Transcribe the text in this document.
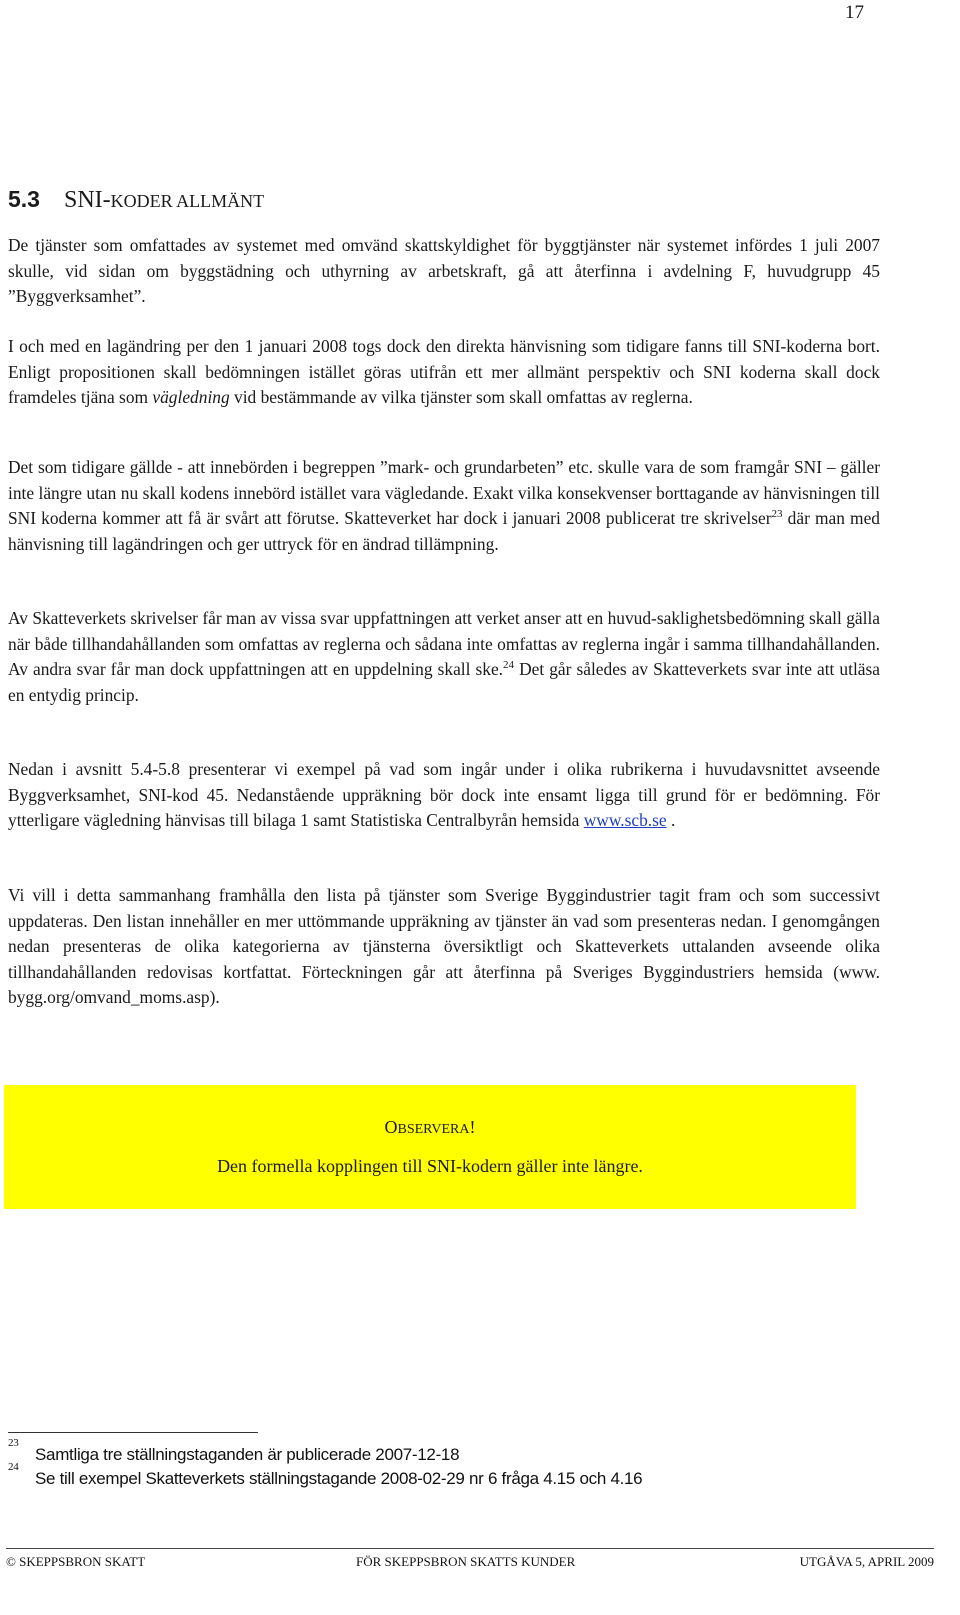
17
5.3 SNI-KODER ALLMÄNT

De tjänster som omfattades av systemet med omvänd skattskyldighet för byggtjänster när systemet infördes 1 juli 2007 skulle, vid sidan om byggstädning och uthyrning av arbetskraft, gå att återfinna i avdelning F, huvudgrupp 45 ”Byggverksamhet”.

I och med en lagändring per den 1 januari 2008 togs dock den direkta hänvisning som tidigare fanns till SNI-koderna bort. Enligt propositionen skall bedömningen istället göras utifrån ett mer allmänt perspektiv och SNI koderna skall dock framdeles tjäna som vägledning vid bestämmande av vilka tjänster som skall omfattas av reglerna.

Det som tidigare gällde - att innebörden i begreppen ”mark- och grundarbeten” etc. skulle vara de som framgår SNI – gäller inte längre utan nu skall kodens innebörd istället vara vägledande. Exakt vilka konsekvenser borttagande av hänvisningen till SNI koderna kommer att få är svårt att förutse. Skatteverket har dock i januari 2008 publicerat tre skrivelser$^{23}$ där man med hänvisning till lagändringen och ger uttryck för en ändrad tillämpning.

Av Skatteverkets skrivelser får man av vissa svar uppfattningen att verket anser att en huvud-saklighetsbedömning skall gälla när både tillhandahållanden som omfattas av reglerna och sådana inte omfattas av reglerna ingår i samma tillhandahållanden. Av andra svar får man dock uppfattningen att en uppdelning skall ske.$^{24}$ Det går således av Skatteverkets svar inte att utläsa en entydig princip.

Nedan i avsnitt 5.4-5.8 presenterar vi exempel på vad som ingår under i olika rubrikerna i huvudavsnittet avseende Byggverksamhet, SNI-kod 45. Nedanstående uppräkning bör dock inte ensamt ligga till grund för er bedömning. För ytterligare vägledning hänvisas till bilaga 1 samt Statistiska Centralbyrån hemsida www.scb.se .

Vi vill i detta sammanhang framhålla den lista på tjänster som Sverige Byggindustrier tagit fram och som successivt uppdateras. Den listan innehåller en mer uttömmande uppräkning av tjänster än vad som presenteras nedan. I genomgången nedan presenteras de olika kategorierna av tjänsterna översiktligt och Skatteverkets uttalanden avseende olika tillhandahållanden redovisas kortfattat. Förteckningen går att återfinna på Sveriges Byggindustriers hemsida (www. bygg.org/omvand_moms.asp).

OBSERVERA!
Den formella kopplingen till SNI-kodern gäller inte längre.
23
Samtliga tre ställningstaganden är publicerade 2007-12-18
24
Se till exempel Skatteverkets ställningstagande 2008-02-29 nr 6 fråga 4.15 och 4.16
© SKEPPSBRON SKATT	FÖR SKEPPSBRON SKATTS KUNDER	UTGÅVA 5, APRIL 2009
